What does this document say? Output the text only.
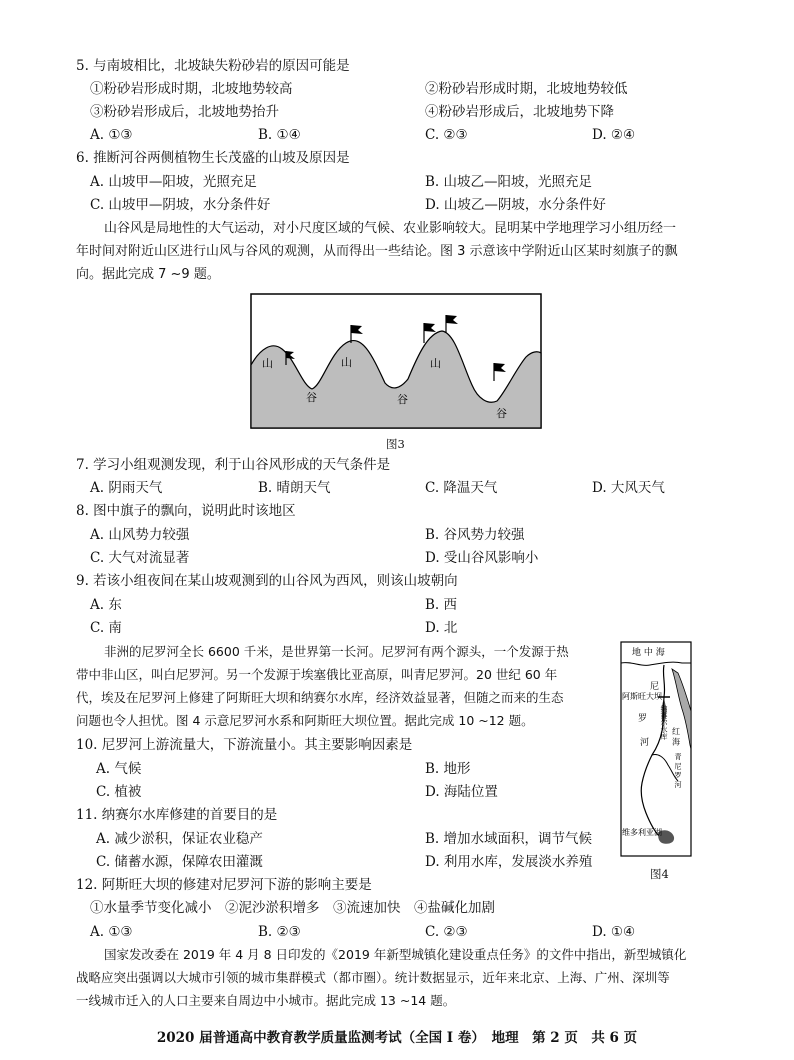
5. 与南坡相比，北坡缺失粉砂岩的原因可能是
①粉砂岩形成时期，北坡地势较高	②粉砂岩形成时期，北坡地势较低
③粉砂岩形成后，北坡地势抬升	④粉砂岩形成后，北坡地势下降
A. ①③	B. ①④	C. ②③	D. ②④
6. 推断河谷两侧植物生长茂盛的山坡及原因是
A. 山坡甲—阳坡，光照充足	B. 山坡乙—阳坡，光照充足
C. 山坡甲—阴坡，水分条件好	D. 山坡乙—阴坡，水分条件好
山谷风是局地性的大气运动，对小尺度区域的气候、农业影响较大。昆明某中学地理学习小组历经一
年时间对附近山区进行山风与谷风的观测，从而得出一些结论。图 3 示意该中学附近山区某时刻旗子的飘
向。据此完成 7 ~9 题。
山	山	山
谷	谷
谷
图3
7. 学习小组观测发现，利于山谷风形成的天气条件是
A. 阴雨天气	B. 晴朗天气	C. 降温天气	D. 大风天气
8. 图中旗子的飘向，说明此时该地区
A. 山风势力较强	B. 谷风势力较强
C. 大气对流显著	D. 受山谷风影响小
9. 若该小组夜间在某山坡观测到的山谷风为西风，则该山坡朝向
A. 东	B. 西
C. 南	D. 北
非洲的尼罗河全长 6600 千米，是世界第一长河。尼罗河有两个源头，一个发源于热
带中非山区，叫白尼罗河。另一个发源于埃塞俄比亚高原，叫青尼罗河。20 世纪 60 年
代，埃及在尼罗河上修建了阿斯旺大坝和纳赛尔水库，经济效益显著，但随之而来的生态
问题也令人担忧。图 4 示意尼罗河水系和阿斯旺大坝位置。据此完成 10 ~12 题。
地 中 海
阿斯旺大坝
红 海
纳赛尔水库
尼
罗
河
青 尼 罗 河
维多利亚湖
图4
10. 尼罗河上游流量大，下游流量小。其主要影响因素是
A. 气候	B. 地形
C. 植被	D. 海陆位置
11. 纳赛尔水库修建的首要目的是
A. 减少淤积，保证农业稳产	B. 增加水域面积，调节气候
C. 储蓄水源，保障农田灌溉	D. 利用水库，发展淡水养殖
12. 阿斯旺大坝的修建对尼罗河下游的影响主要是
①水量季节变化减小　②泥沙淤积增多　③流速加快　④盐碱化加剧
A. ①③	B. ②③	C. ②③	D. ①④
国家发改委在 2019 年 4 月 8 日印发的《2019 年新型城镇化建设重点任务》的文件中指出，新型城镇化
战略应突出强调以大城市引领的城市集群模式（都市圈）。统计数据显示，近年来北京、上海、广州、深圳等
一线城市迁入的人口主要来自周边中小城市。据此完成 13 ~14 题。
2020 届普通高中教育教学质量监测考试（全国 Ⅰ 卷）　地理　第 2 页　共 6 页
